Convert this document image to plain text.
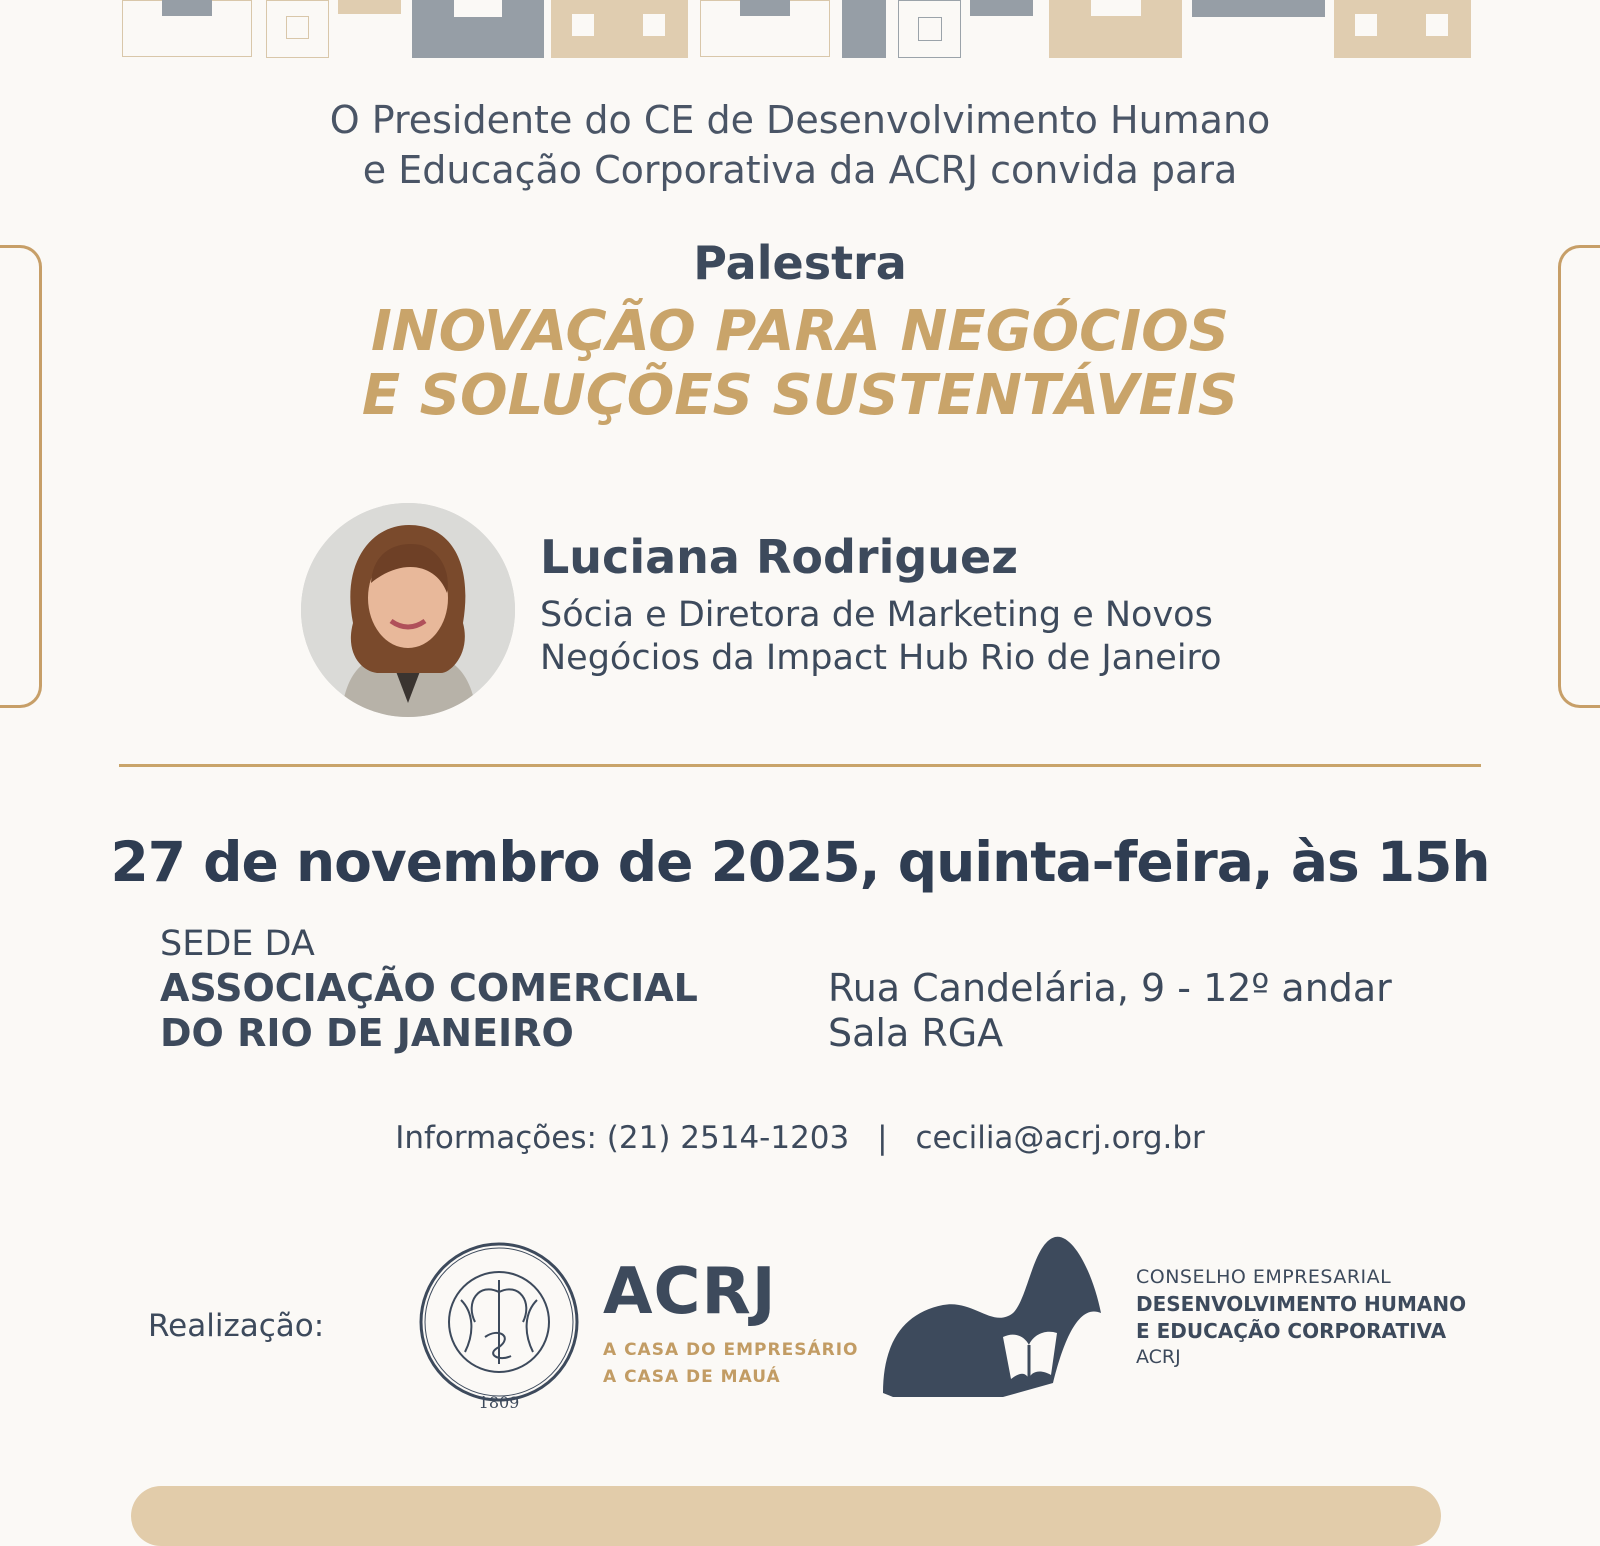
O Presidente do CE de Desenvolvimento Humano
e Educação Corporativa da ACRJ convida para
Palestra
INOVAÇÃO PARA NEGÓCIOS
E SOLUÇÕES SUSTENTÁVEIS
Luciana Rodriguez
Sócia e Diretora de Marketing e Novos
Negócios da Impact Hub Rio de Janeiro
27 de novembro de 2025, quinta-feira, às 15h
SEDE DA
ASSOCIAÇÃO COMERCIAL
DO RIO DE JANEIRO
Rua Candelária, 9 - 12º andar
Sala RGA
Informações: (21) 2514-1203 | cecilia@acrj.org.br
Realização:
1809
ACRJ
A CASA DO EMPRESÁRIO
A CASA DE MAUÁ
CONSELHO EMPRESARIAL
DESENVOLVIMENTO HUMANO
E EDUCAÇÃO CORPORATIVA
ACRJ
